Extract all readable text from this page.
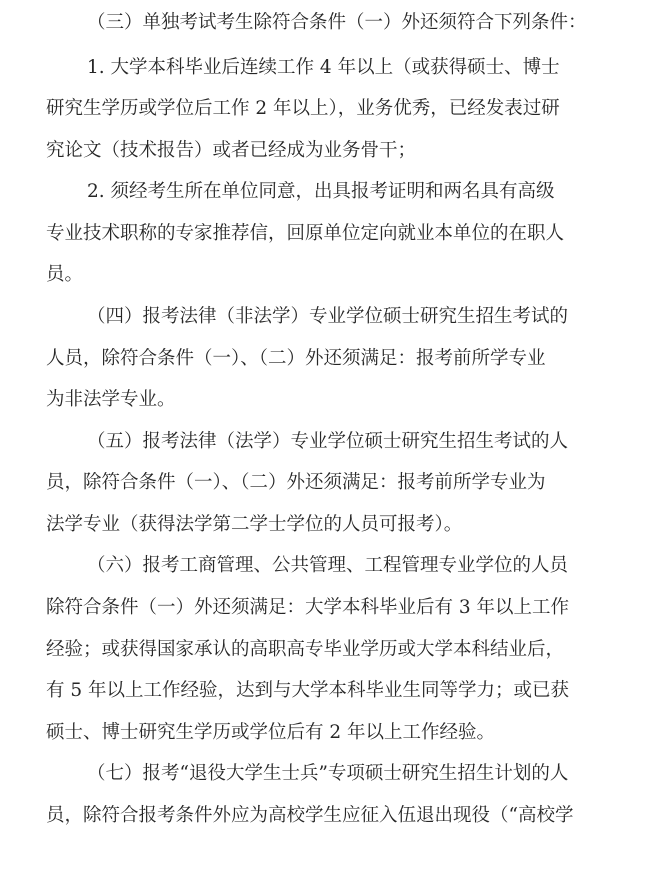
（三）单独考试考生除符合条件（一）外还须符合下列条件：
1. 大学本科毕业后连续工作 4 年以上（或获得硕士、博士
研究生学历或学位后工作 2 年以上），业务优秀，已经发表过研
究论文（技术报告）或者已经成为业务骨干；
2. 须经考生所在单位同意，出具报考证明和两名具有高级
专业技术职称的专家推荐信，回原单位定向就业本单位的在职人
员。
（四）报考法律（非法学）专业学位硕士研究生招生考试的
人员，除符合条件（一）、（二）外还须满足：报考前所学专业
为非法学专业。
（五）报考法律（法学）专业学位硕士研究生招生考试的人
员，除符合条件（一）、（二）外还须满足：报考前所学专业为
法学专业（获得法学第二学士学位的人员可报考）。
（六）报考工商管理、公共管理、工程管理专业学位的人员
除符合条件（一）外还须满足：大学本科毕业后有 3 年以上工作
经验；或获得国家承认的高职高专毕业学历或大学本科结业后，
有 5 年以上工作经验，达到与大学本科毕业生同等学力；或已获
硕士、博士研究生学历或学位后有 2 年以上工作经验。
（七）报考“退役大学生士兵”专项硕士研究生招生计划的人
员，除符合报考条件外应为高校学生应征入伍退出现役（“高校学
